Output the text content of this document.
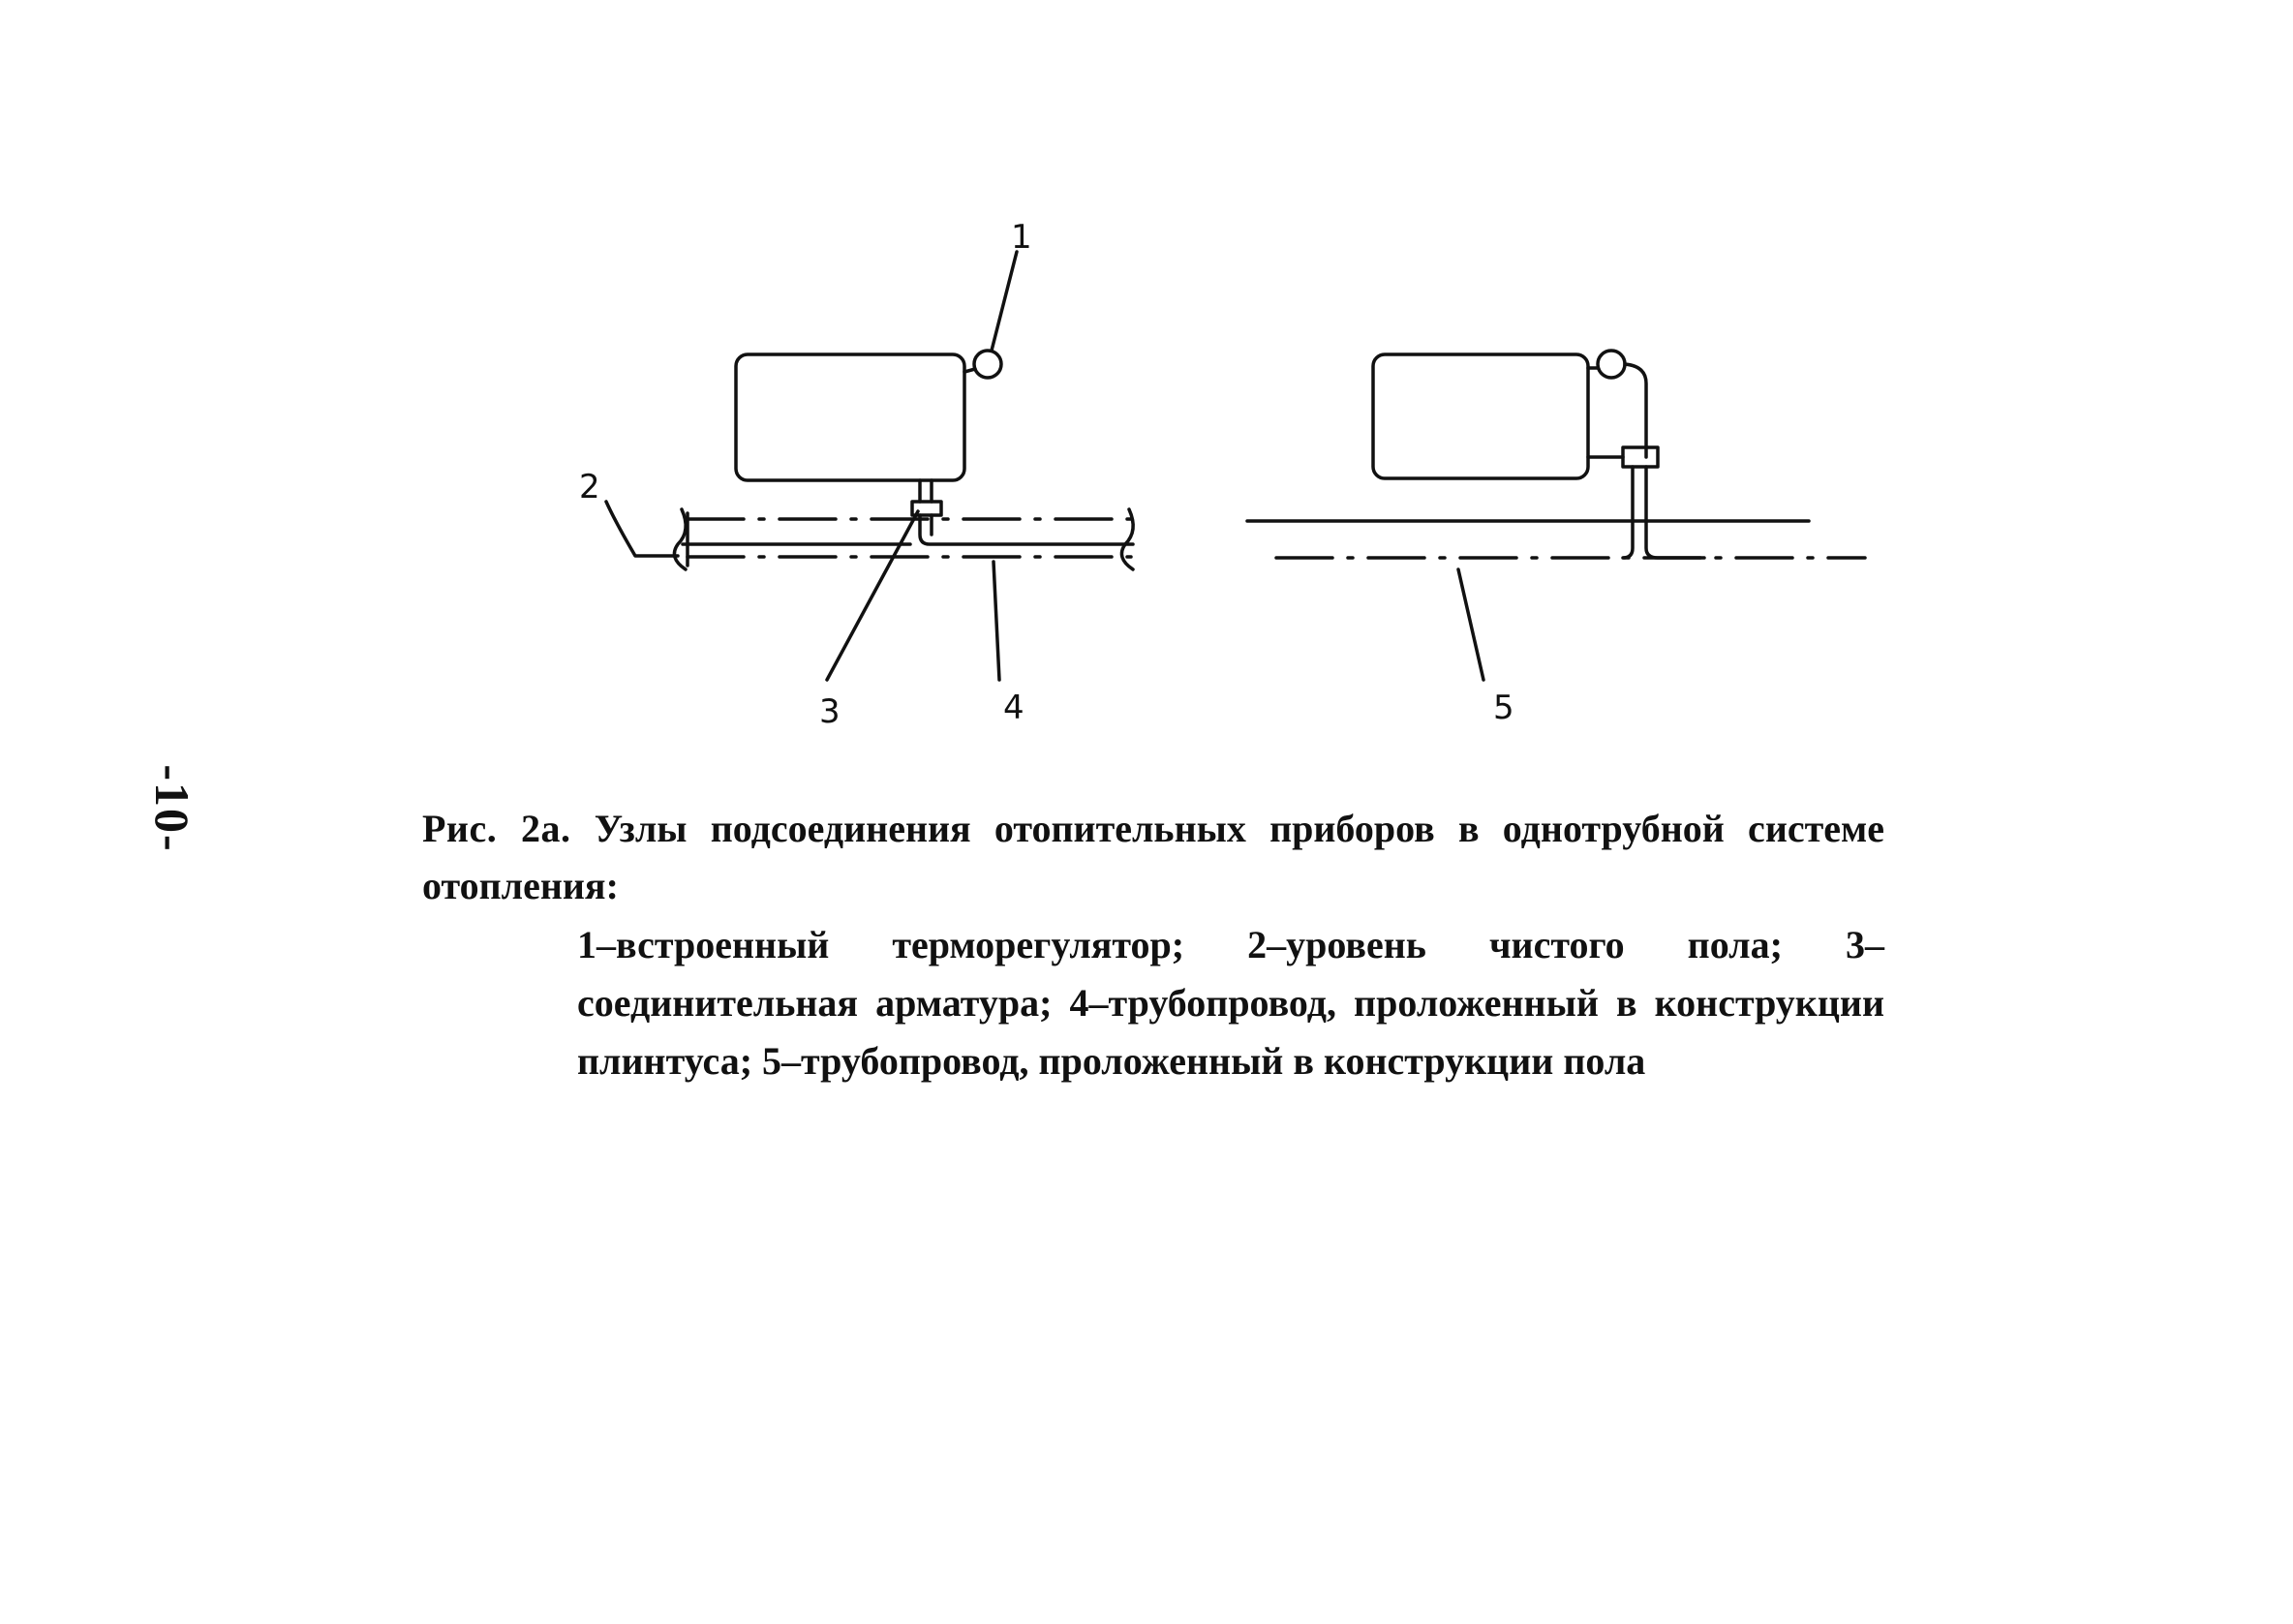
1
2
3	4	5
-10-	Рис. 2а. Узлы подсоединения отопительных приборов в однотрубной системе отопления:
1–встроенный терморегулятор; 2–уровень чистого пола; 3–соединительная арматура; 4–трубопровод, проложенный в конструкции плинтуса; 5–трубопровод, проложенный в конструкции пола
